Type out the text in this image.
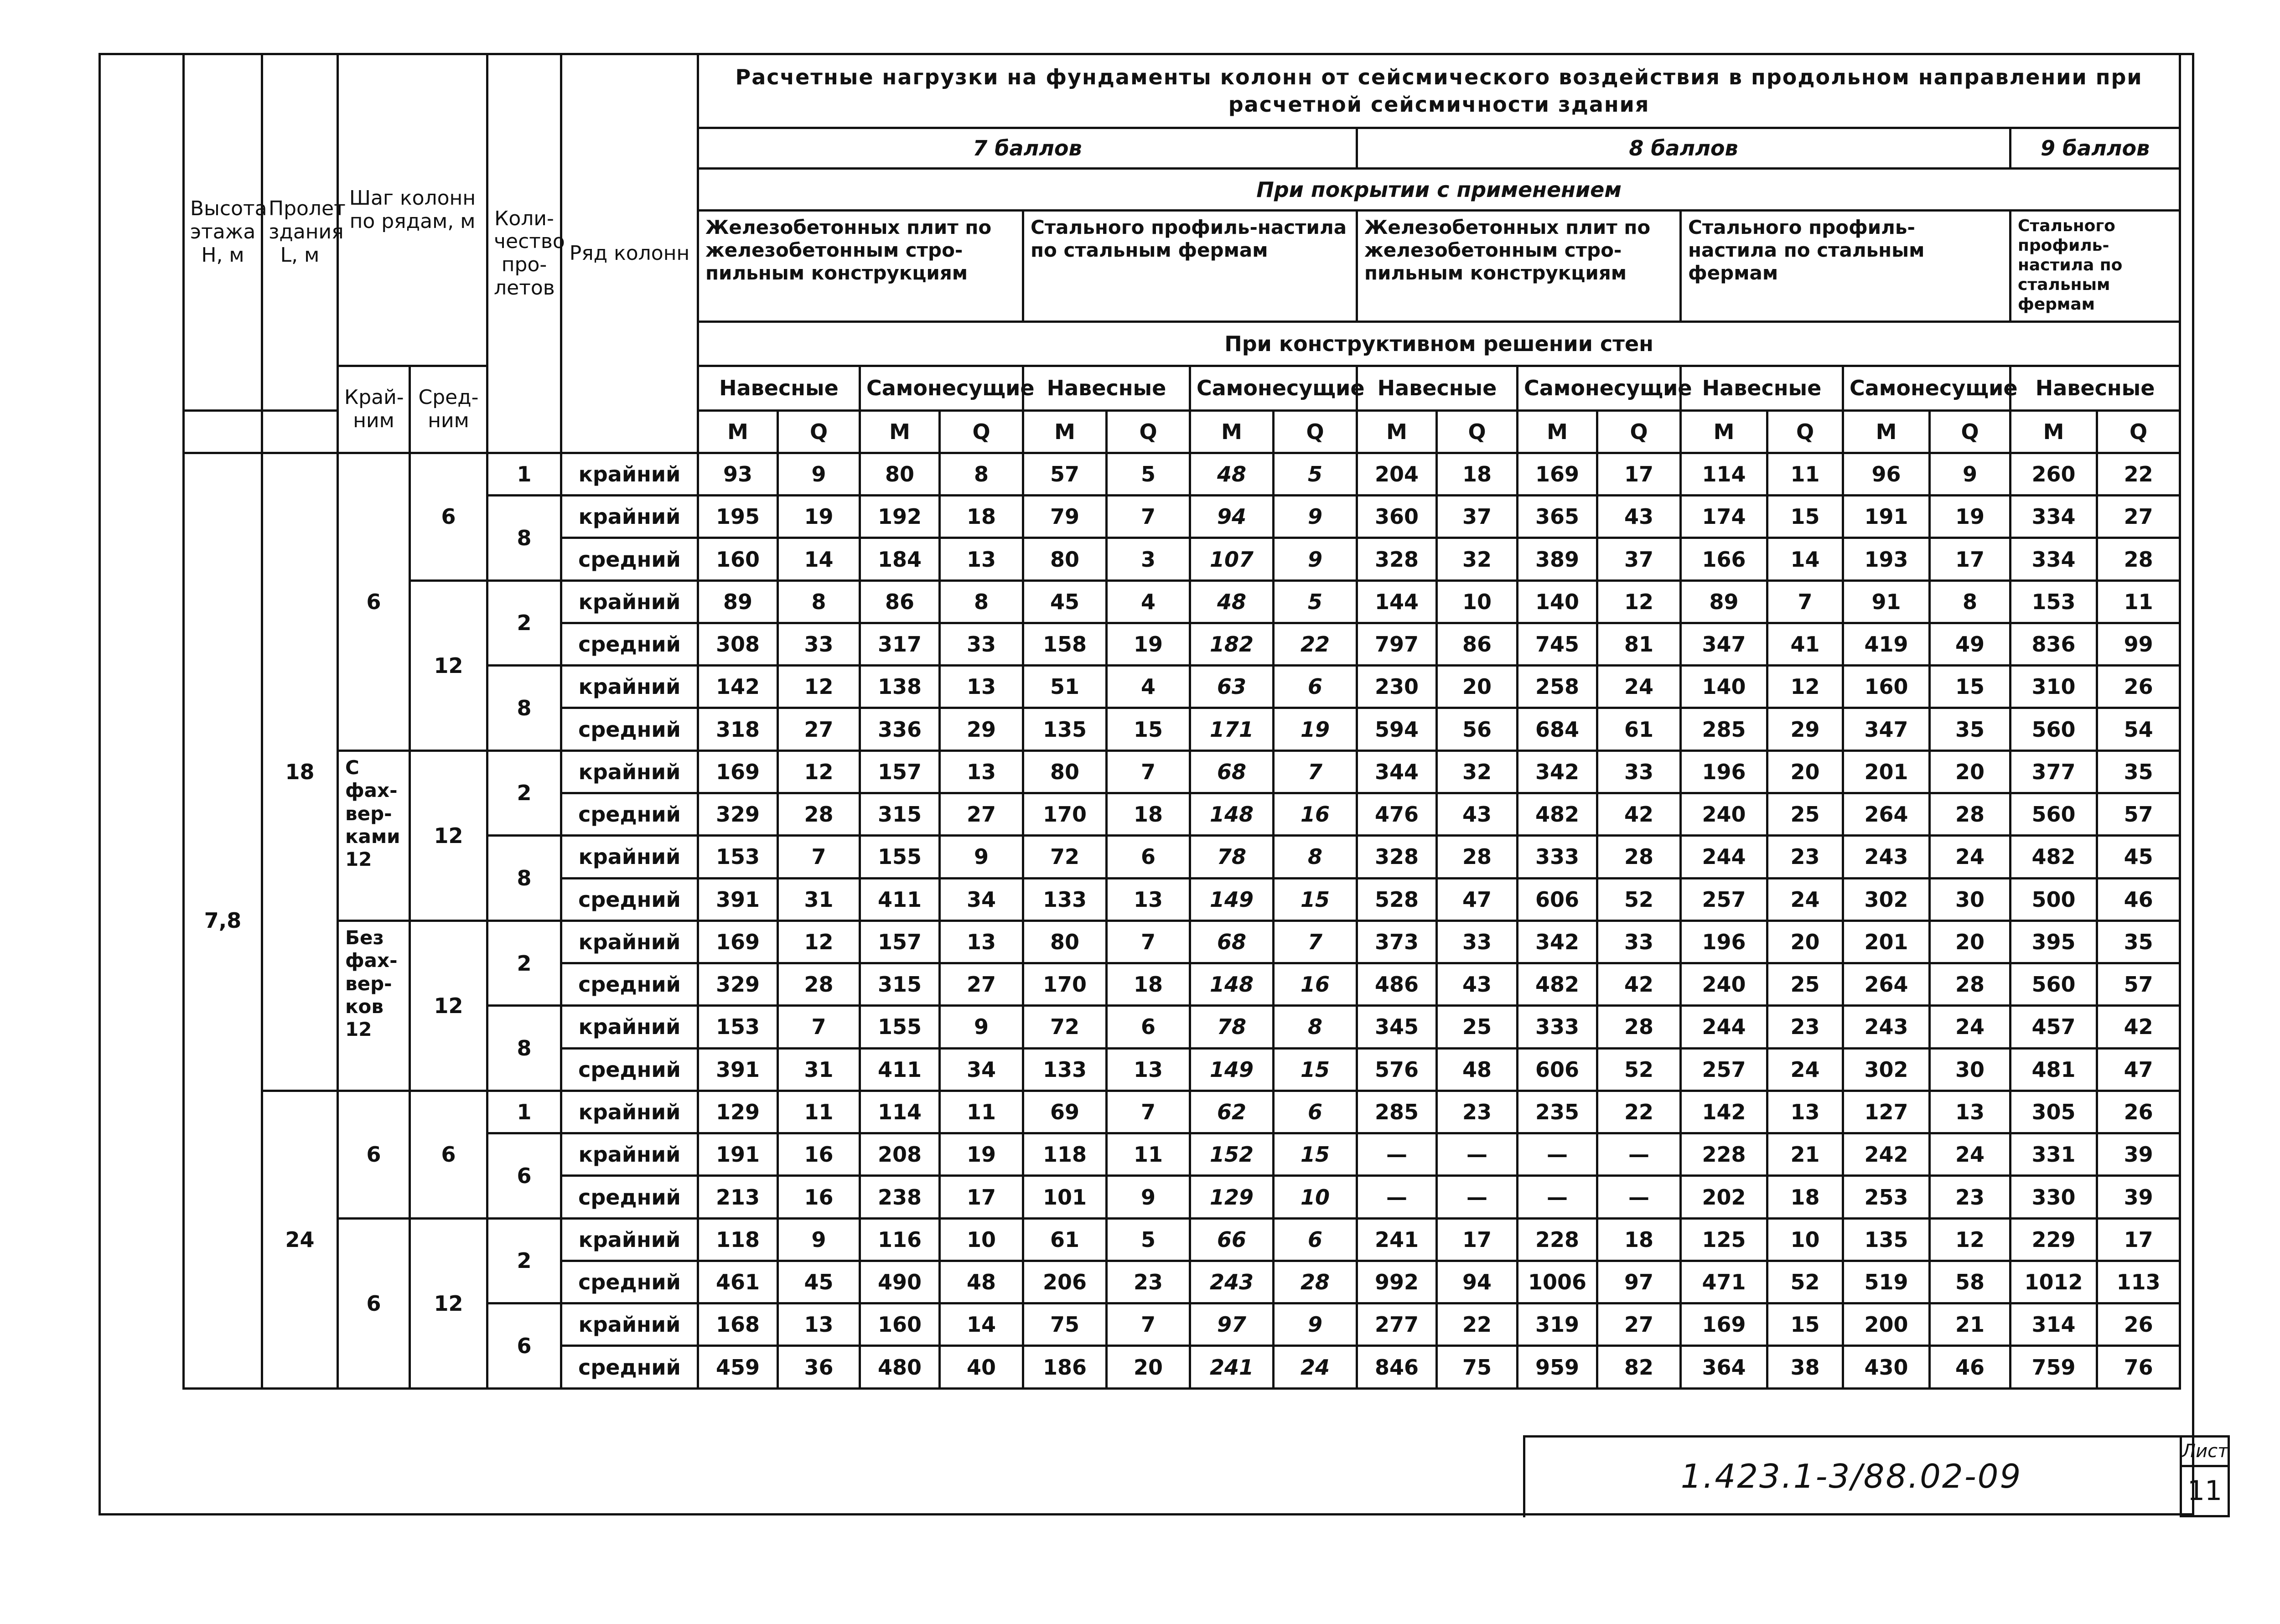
Высота этажа H, м	Пролет здания L, м	Шаг колонн по рядам, м		Коли-чество про-летов	Ряд колонн	Расчетные нагрузки на фундаменты колонн от сейсмического воздействия в продольном направлении при расчетной сейсмичности здания																	
						7 баллов								8 баллов								9 баллов	
						При покрытии с применением																	
						Железобетонных плит по железобетонным стро-пильным конструкциям				Стального профиль-настила по стальным фермам				Железобетонных плит по железобетонным стро-пильным конструкциям				Стального профиль-настила по стальным фермам				Стального профиль-настила по стальным фермам	
						При конструктивном решении стен																	
		Край-ним	Сред-ним			Навесные		Самонесущие		Навесные		Самонесущие		Навесные		Самонесущие		Навесные		Самонесущие		Навесные	
						M	Q	M	Q	M	Q	M	Q	M	Q	M	Q	M	Q	M	Q	M	Q
7,8	18	6	6	1	крайний	93	9	80	8	57	5	48	5	204	18	169	17	114	11	96	9	260	22
				8	крайний	195	19	192	18	79	7	94	9	360	37	365	43	174	15	191	19	334	27
					средний	160	14	184	13	80	3	107	9	328	32	389	37	166	14	193	17	334	28
			12	2	крайний	89	8	86	8	45	4	48	5	144	10	140	12	89	7	91	8	153	11
					средний	308	33	317	33	158	19	182	22	797	86	745	81	347	41	419	49	836	99
				8	крайний	142	12	138	13	51	4	63	6	230	20	258	24	140	12	160	15	310	26
					средний	318	27	336	29	135	15	171	19	594	56	684	61	285	29	347	35	560	54
		С фах-вер-ками 12	12	2	крайний	169	12	157	13	80	7	68	7	344	32	342	33	196	20	201	20	377	35
					средний	329	28	315	27	170	18	148	16	476	43	482	42	240	25	264	28	560	57
				8	крайний	153	7	155	9	72	6	78	8	328	28	333	28	244	23	243	24	482	45
					средний	391	31	411	34	133	13	149	15	528	47	606	52	257	24	302	30	500	46
		Без фах-вер-ков 12	12	2	крайний	169	12	157	13	80	7	68	7	373	33	342	33	196	20	201	20	395	35
					средний	329	28	315	27	170	18	148	16	486	43	482	42	240	25	264	28	560	57
				8	крайний	153	7	155	9	72	6	78	8	345	25	333	28	244	23	243	24	457	42
					средний	391	31	411	34	133	13	149	15	576	48	606	52	257	24	302	30	481	47
	24	6	6	1	крайний	129	11	114	11	69	7	62	6	285	23	235	22	142	13	127	13	305	26
				6	крайний	191	16	208	19	118	11	152	15	—	—	—	—	228	21	242	24	331	39
					средний	213	16	238	17	101	9	129	10	—	—	—	—	202	18	253	23	330	39
		6	12	2	крайний	118	9	116	10	61	5	66	6	241	17	228	18	125	10	135	12	229	17
					средний	461	45	490	48	206	23	243	28	992	94	1006	97	471	52	519	58	1012	113
				6	крайний	168	13	160	14	75	7	97	9	277	22	319	27	169	15	200	21	314	26
					средний	459	36	480	40	186	20	241	24	846	75	959	82	364	38	430	46	759	76
1.423.1-3/88.02-09
Лист
11
